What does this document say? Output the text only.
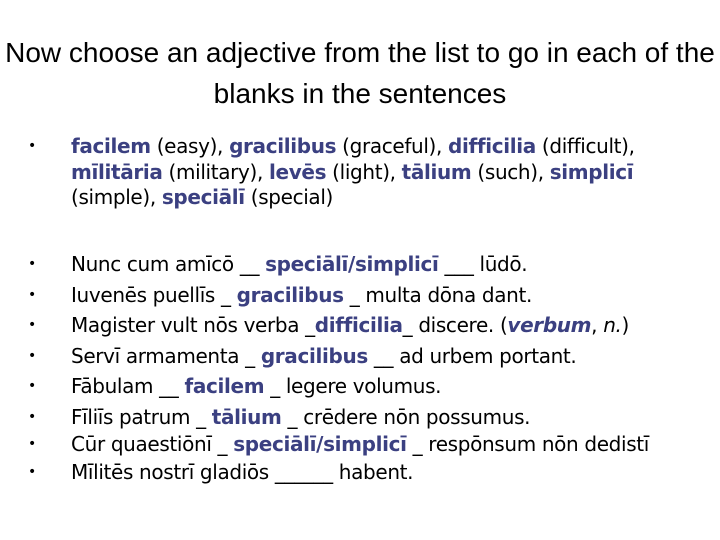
Now choose an adjective from the list to go in each of the blanks in the sentences
• facilem (easy), gracilibus (graceful), difficilia (difficult), mīlitāria (military), levēs (light), tālium (such), simplicī (simple), speciālī (special)
• Nunc cum amīcō __ speciālī/simplicī ___ lūdō.
• Iuvenēs puellīs _ gracilibus _ multa dōna dant.
• Magister vult nōs verba _difficilia_ discere. (verbum, n.)
• Servī armamenta _ gracilibus __ ad urbem portant.
• Fābulam __ facilem _ legere volumus.
• Fīliīs patrum _ tālium _ crēdere nōn possumus.
• Cūr quaestiōnī _ speciālī/simplicī _ respōnsum nōn dedistī
• Mīlitēs nostrī gladiōs ______ habent.
